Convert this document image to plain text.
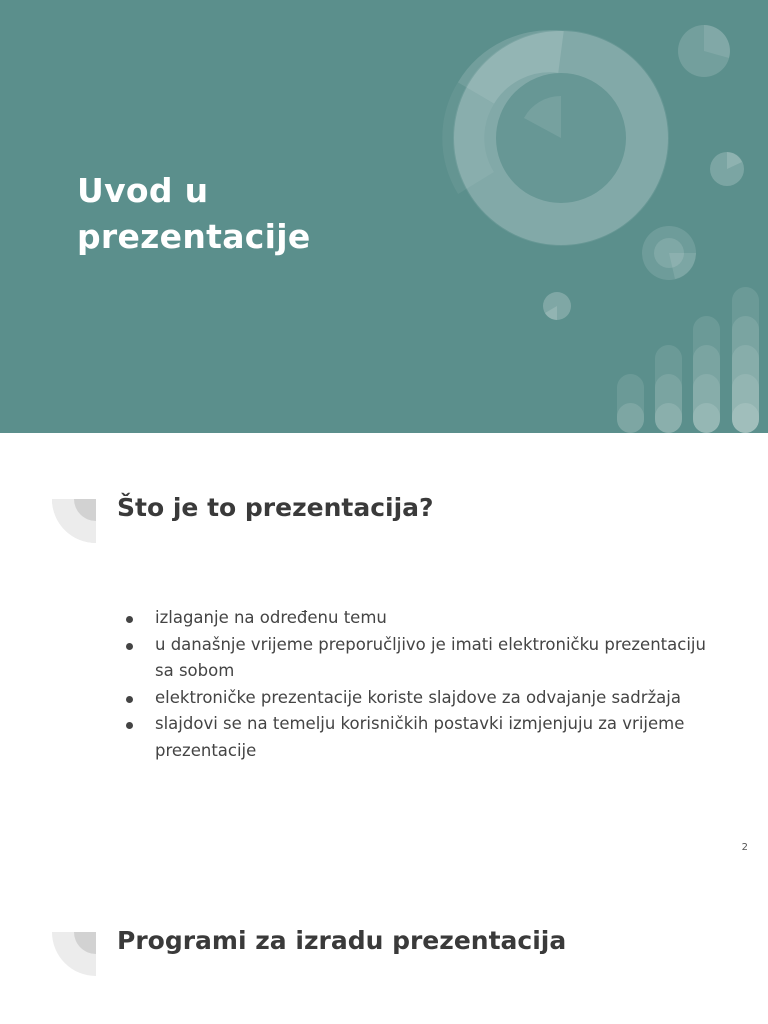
Uvod u
prezentacije
Što je to prezentacija?
izlaganje na određenu temu
u današnje vrijeme preporučljivo je imati elektroničku prezentaciju sa sobom
elektroničke prezentacije koriste slajdove za odvajanje sadržaja
slajdovi se na temelju korisničkih postavki izmjenjuju za vrijeme prezentacije
2
Programi za izradu prezentacija
